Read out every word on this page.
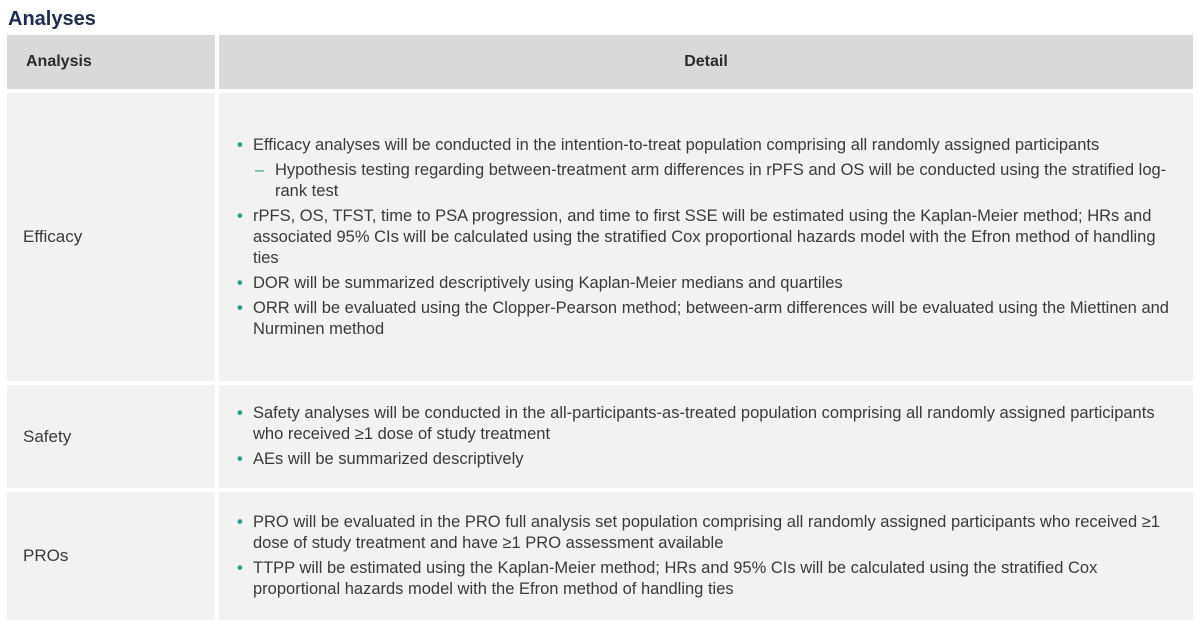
Analyses
Analysis	Detail
Efficacy
• Efficacy analyses will be conducted in the intention-to-treat population comprising all randomly assigned participants
– Hypothesis testing regarding between-treatment arm differences in rPFS and OS will be conducted using the stratified log-rank test
• rPFS, OS, TFST, time to PSA progression, and time to first SSE will be estimated using the Kaplan-Meier method; HRs and associated 95% CIs will be calculated using the stratified Cox proportional hazards model with the Efron method of handling ties
• DOR will be summarized descriptively using Kaplan-Meier medians and quartiles
• ORR will be evaluated using the Clopper-Pearson method; between-arm differences will be evaluated using the Miettinen and Nurminen method
Safety
• Safety analyses will be conducted in the all-participants-as-treated population comprising all randomly assigned participants who received ≥1 dose of study treatment
• AEs will be summarized descriptively
PROs
• PRO will be evaluated in the PRO full analysis set population comprising all randomly assigned participants who received ≥1 dose of study treatment and have ≥1 PRO assessment available
• TTPP will be estimated using the Kaplan-Meier method; HRs and 95% CIs will be calculated using the stratified Cox proportional hazards model with the Efron method of handling ties
